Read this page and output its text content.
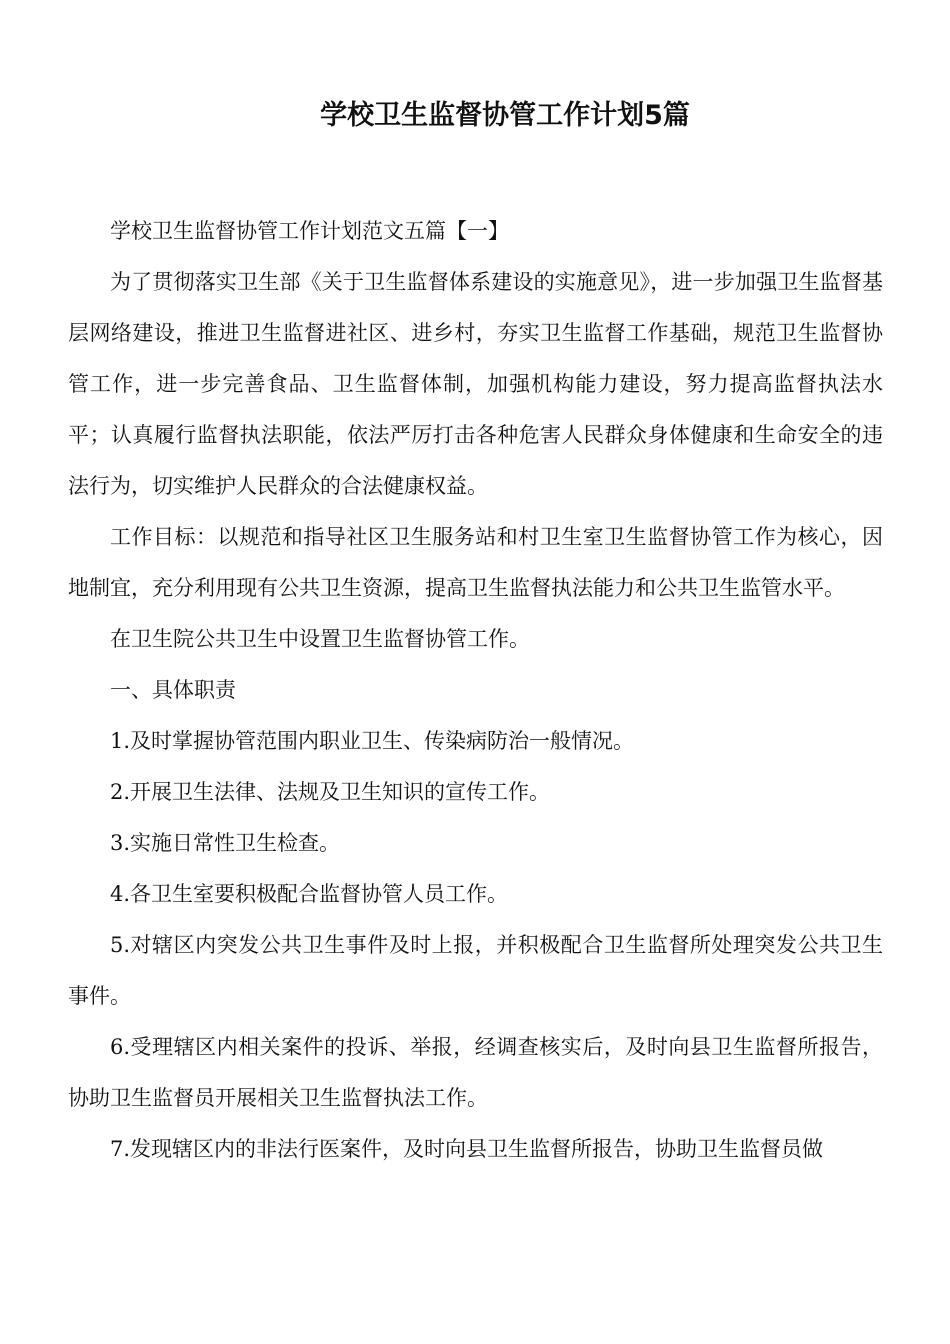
学校卫生监督协管工作计划5篇

学校卫生监督协管工作计划范文五篇【一】

为了贯彻落实卫生部《关于卫生监督体系建设的实施意见》，进一步加强卫生监督基层网络建设，推进卫生监督进社区、进乡村，夯实卫生监督工作基础，规范卫生监督协管工作，进一步完善食品、卫生监督体制，加强机构能力建设，努力提高监督执法水平；认真履行监督执法职能，依法严厉打击各种危害人民群众身体健康和生命安全的违法行为，切实维护人民群众的合法健康权益。

工作目标：以规范和指导社区卫生服务站和村卫生室卫生监督协管工作为核心，因地制宜，充分利用现有公共卫生资源，提高卫生监督执法能力和公共卫生监管水平。

在卫生院公共卫生中设置卫生监督协管工作。

一、具体职责

1.及时掌握协管范围内职业卫生、传染病防治一般情况。

2.开展卫生法律、法规及卫生知识的宣传工作。

3.实施日常性卫生检查。

4.各卫生室要积极配合监督协管人员工作。

5.对辖区内突发公共卫生事件及时上报，并积极配合卫生监督所处理突发公共卫生事件。

6.受理辖区内相关案件的投诉、举报，经调查核实后，及时向县卫生监督所报告，协助卫生监督员开展相关卫生监督执法工作。

7.发现辖区内的非法行医案件，及时向县卫生监督所报告，协助卫生监督员做
